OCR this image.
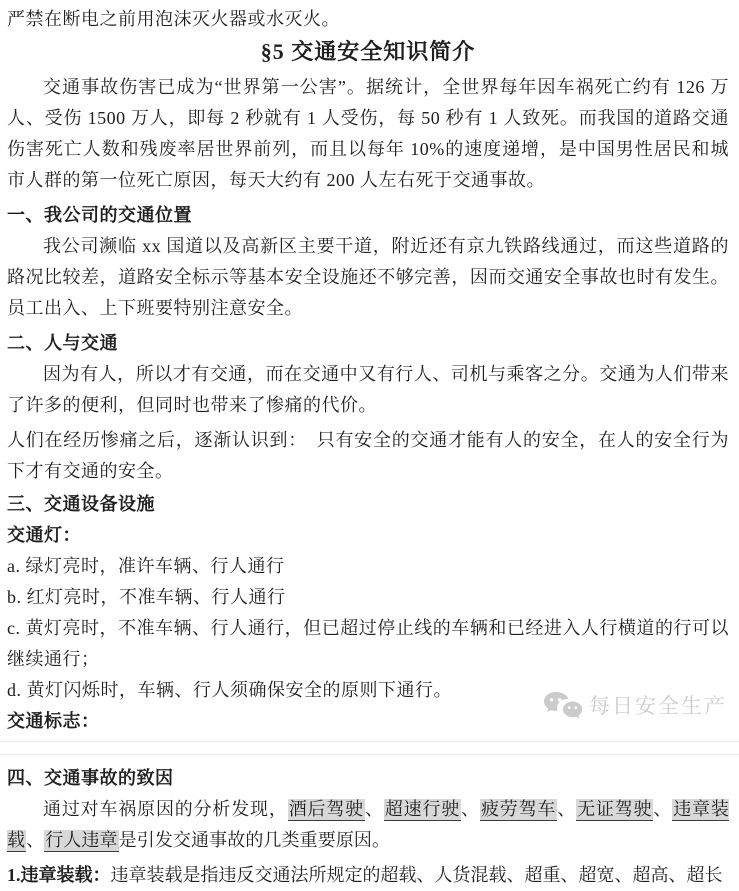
严禁在断电之前用泡沫灭火器或水灭火。

§5 交通安全知识简介

交通事故伤害已成为“世界第一公害”。据统计，全世界每年因车祸死亡约有 126 万人、受伤 1500 万人，即每 2 秒就有 1 人受伤，每 50 秒有 1 人致死。而我国的道路交通伤害死亡人数和残废率居世界前列，而且以每年 10%的速度递增，是中国男性居民和城市人群的第一位死亡原因，每天大约有 200 人左右死于交通事故。

一、我公司的交通位置

我公司濒临 xx 国道以及高新区主要干道，附近还有京九铁路线通过，而这些道路的路况比较差，道路安全标示等基本安全设施还不够完善，因而交通安全事故也时有发生。员工出入、上下班要特别注意安全。

二、人与交通

因为有人，所以才有交通，而在交通中又有行人、司机与乘客之分。交通为人们带来了许多的便利，但同时也带来了惨痛的代价。

人们在经历惨痛之后，逐渐认识到：　只有安全的交通才能有人的安全，在人的安全行为下才有交通的安全。

三、交通设备设施

交通灯：

a. 绿灯亮时，准许车辆、行人通行

b. 红灯亮时，不准车辆、行人通行

c. 黄灯亮时，不准车辆、行人通行，但已超过停止线的车辆和已经进入人行横道的行可以继续通行；

d. 黄灯闪烁时，车辆、行人须确保安全的原则下通行。

交通标志：

每日安全生产

四、交通事故的致因

通过对车祸原因的分析发现，酒后驾驶、超速行驶、疲劳驾车、无证驾驶、违章装载、行人违章是引发交通事故的几类重要原因。

1.违章装载：违章装载是指违反交通法所规定的超载、人货混载、超重、超宽、超高、超长
